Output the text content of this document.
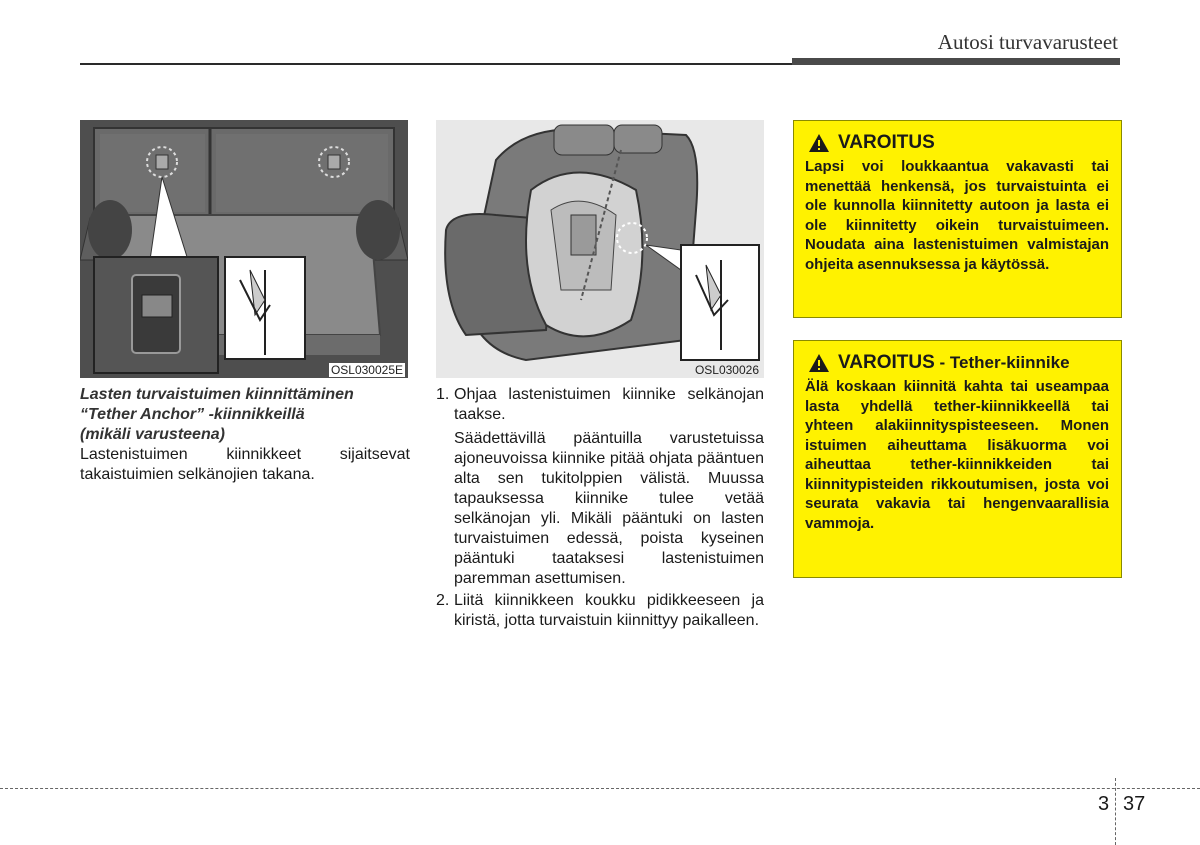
Autosi turvavarusteet
OSL030025E	OSL030026
Lasten turvaistuimen kiinnittäminen
“Tether Anchor” -kiinnikkeillä
(mikäli varusteena)
Lastenistuimen kiinnikkeet sijaitsevat takaistuimien selkänojien takana.
1. Ohjaa lastenistuimen kiinnike selkänojan taakse.
Säädettävillä pääntuilla varustetuissa ajoneuvoissa kiinnike pitää ohjata pääntuen alta sen tukitolppien välistä. Muussa tapauksessa kiinnike tulee vetää selkänojan yli. Mikäli pääntuki on lasten turvaistuimen edessä, poista kyseinen pääntuki taataksesi lastenistuimen paremman asettumisen.
2. Liitä kiinnikkeen koukku pidikkeeseen ja kiristä, jotta turvaistuin kiinnittyy paikalleen.
VAROITUS
Lapsi voi loukkaantua vakavasti tai menettää henkensä, jos turvaistuinta ei ole kunnolla kiinnitetty autoon ja lasta ei ole kiinnitetty oikein turvaistuimeen. Noudata aina lastenistuimen valmistajan ohjeita asennuksessa ja käytössä.
VAROITUS - Tether-kiinnike
Älä koskaan kiinnitä kahta tai useampaa lasta yhdellä tether-kiinnikkeellä tai yhteen alakiinnityspisteeseen. Monen istuimen aiheuttama lisäkuorma voi aiheuttaa tether-kiinnikkeiden tai kiinnitypisteiden rikkoutumisen, josta voi seurata vakavia tai hengenvaarallisia vammoja.
3 37
